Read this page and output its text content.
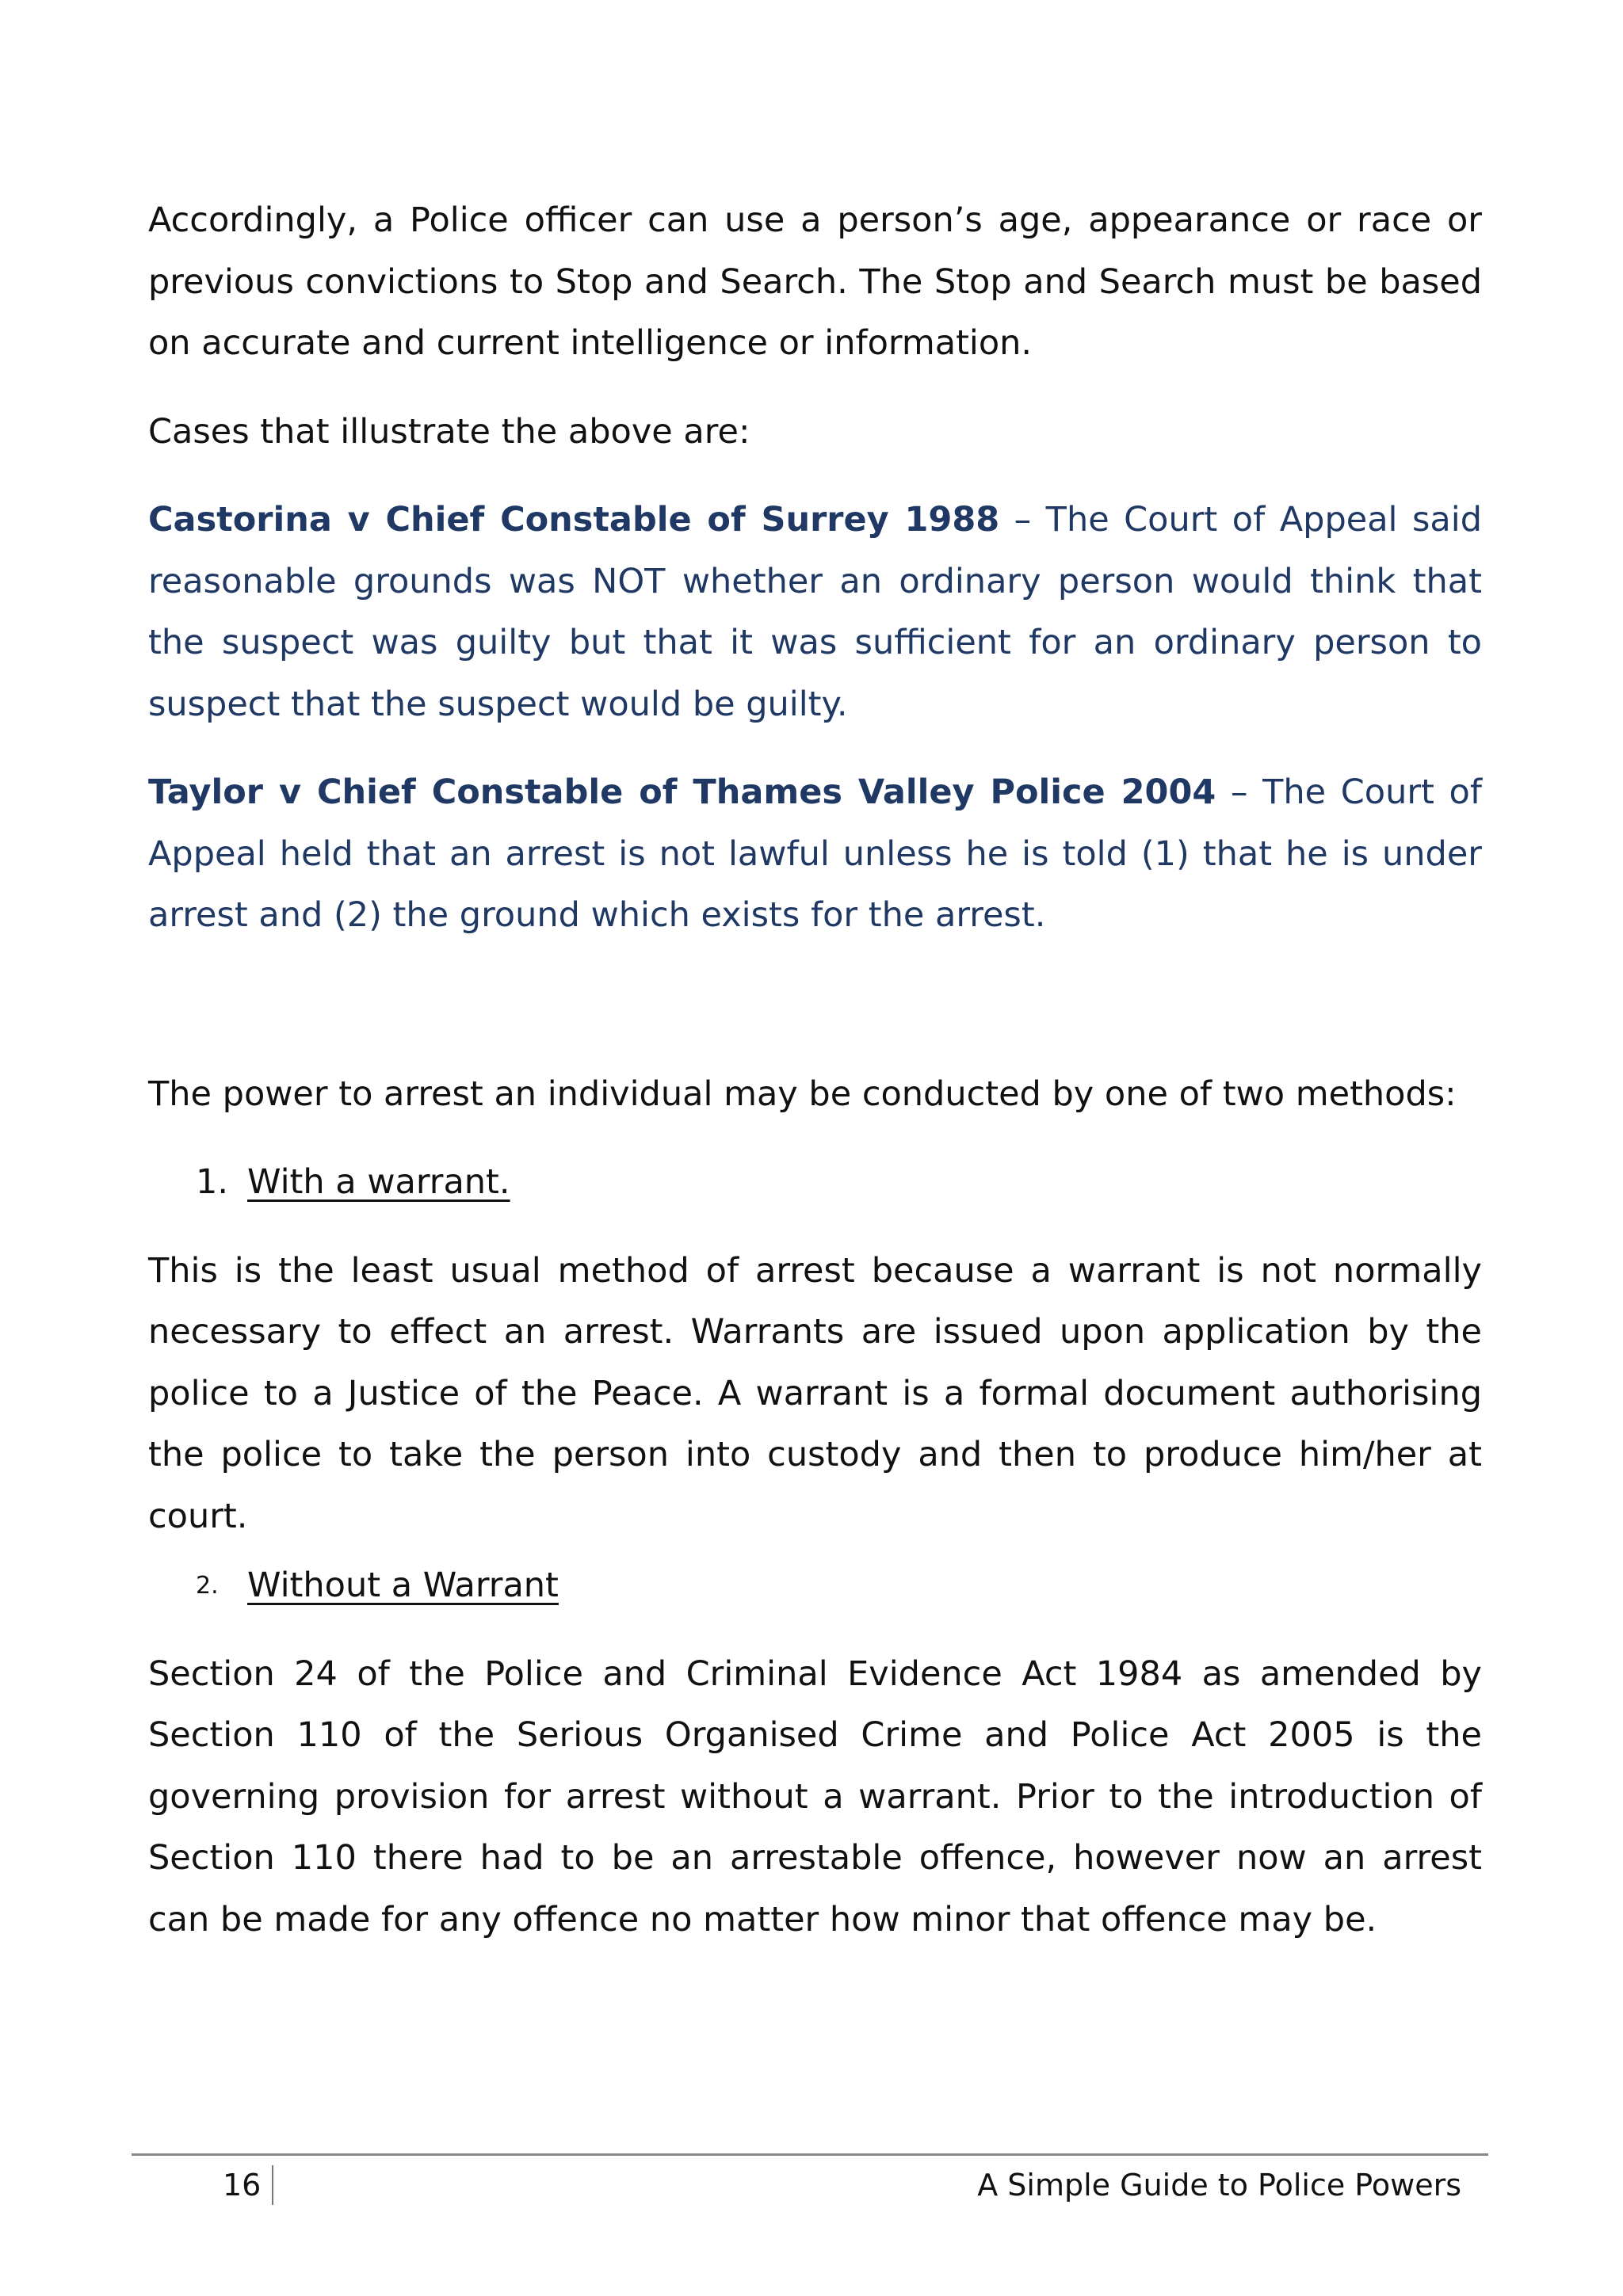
Accordingly, a Police officer can use a person’s age, appearance or race or previous convictions to Stop and Search. The Stop and Search must be based on accurate and current intelligence or information.

Cases that illustrate the above are:

Castorina v Chief Constable of Surrey 1988 – The Court of Appeal said reasonable grounds was NOT whether an ordinary person would think that the suspect was guilty but that it was sufficient for an ordinary person to suspect that the suspect would be guilty.

Taylor v Chief Constable of Thames Valley Police 2004 – The Court of Appeal held that an arrest is not lawful unless he is told (1) that he is under arrest and (2) the ground which exists for the arrest.

The power to arrest an individual may be conducted by one of two methods:

1. With a warrant.

This is the least usual method of arrest because a warrant is not normally necessary to effect an arrest. Warrants are issued upon application by the police to a Justice of the Peace. A warrant is a formal document authorising the police to take the person into custody and then to produce him/her at court.

2. Without a Warrant

Section 24 of the Police and Criminal Evidence Act 1984 as amended by Section 110 of the Serious Organised Crime and Police Act 2005 is the governing provision for arrest without a warrant. Prior to the introduction of Section 110 there had to be an arrestable offence, however now an arrest can be made for any offence no matter how minor that offence may be.

16	A Simple Guide to Police Powers
